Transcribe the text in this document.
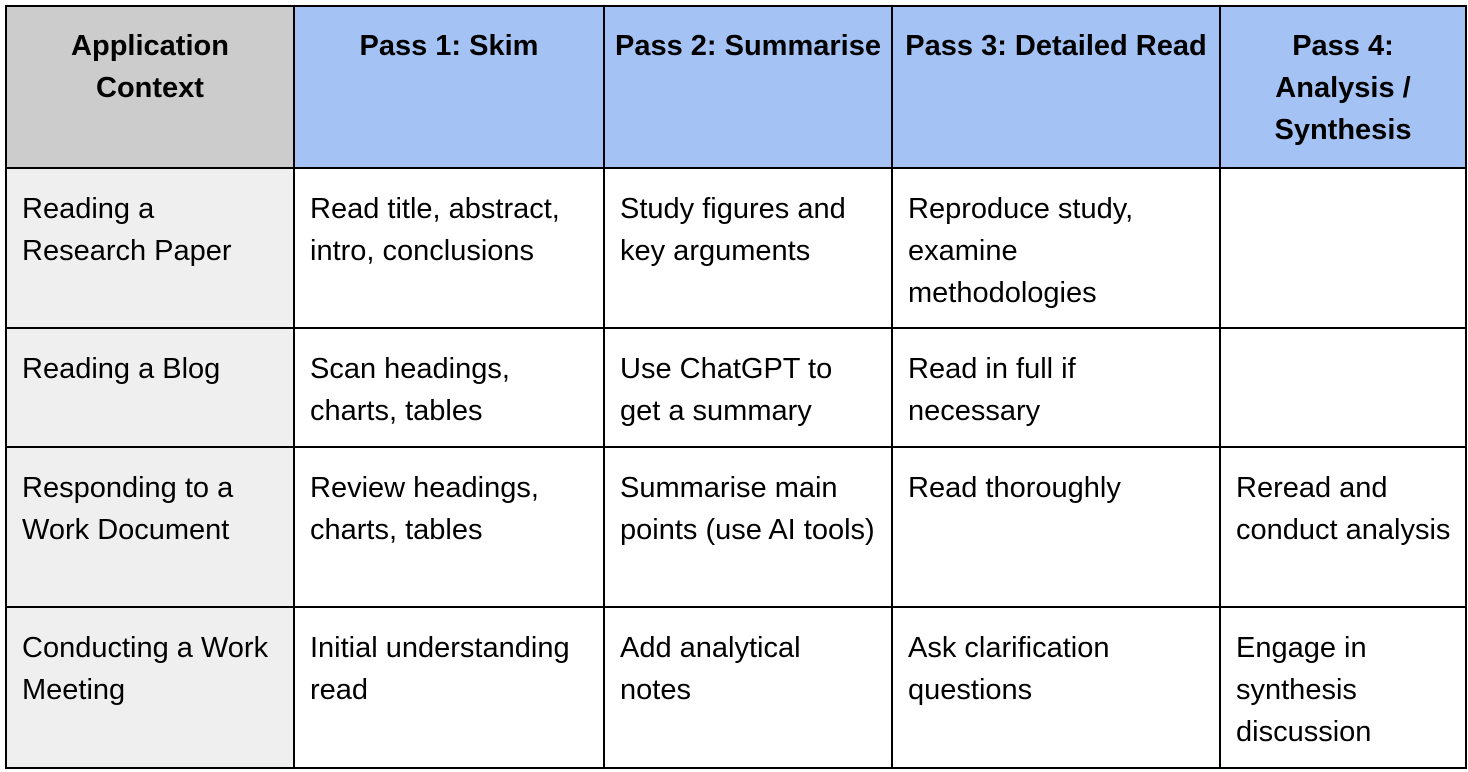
Application Context	Pass 1: Skim	Pass 2: Summarise	Pass 3: Detailed Read	Pass 4: Analysis / Synthesis
Reading a Research Paper	Read title, abstract, intro, conclusions	Study figures and key arguments	Reproduce study, examine methodologies	
Reading a Blog	Scan headings, charts, tables	Use ChatGPT to get a summary	Read in full if necessary	
Responding to a Work Document	Review headings, charts, tables	Summarise main points (use AI tools)	Read thoroughly	Reread and conduct analysis
Conducting a Work Meeting	Initial understanding read	Add analytical notes	Ask clarification questions	Engage in synthesis discussion
